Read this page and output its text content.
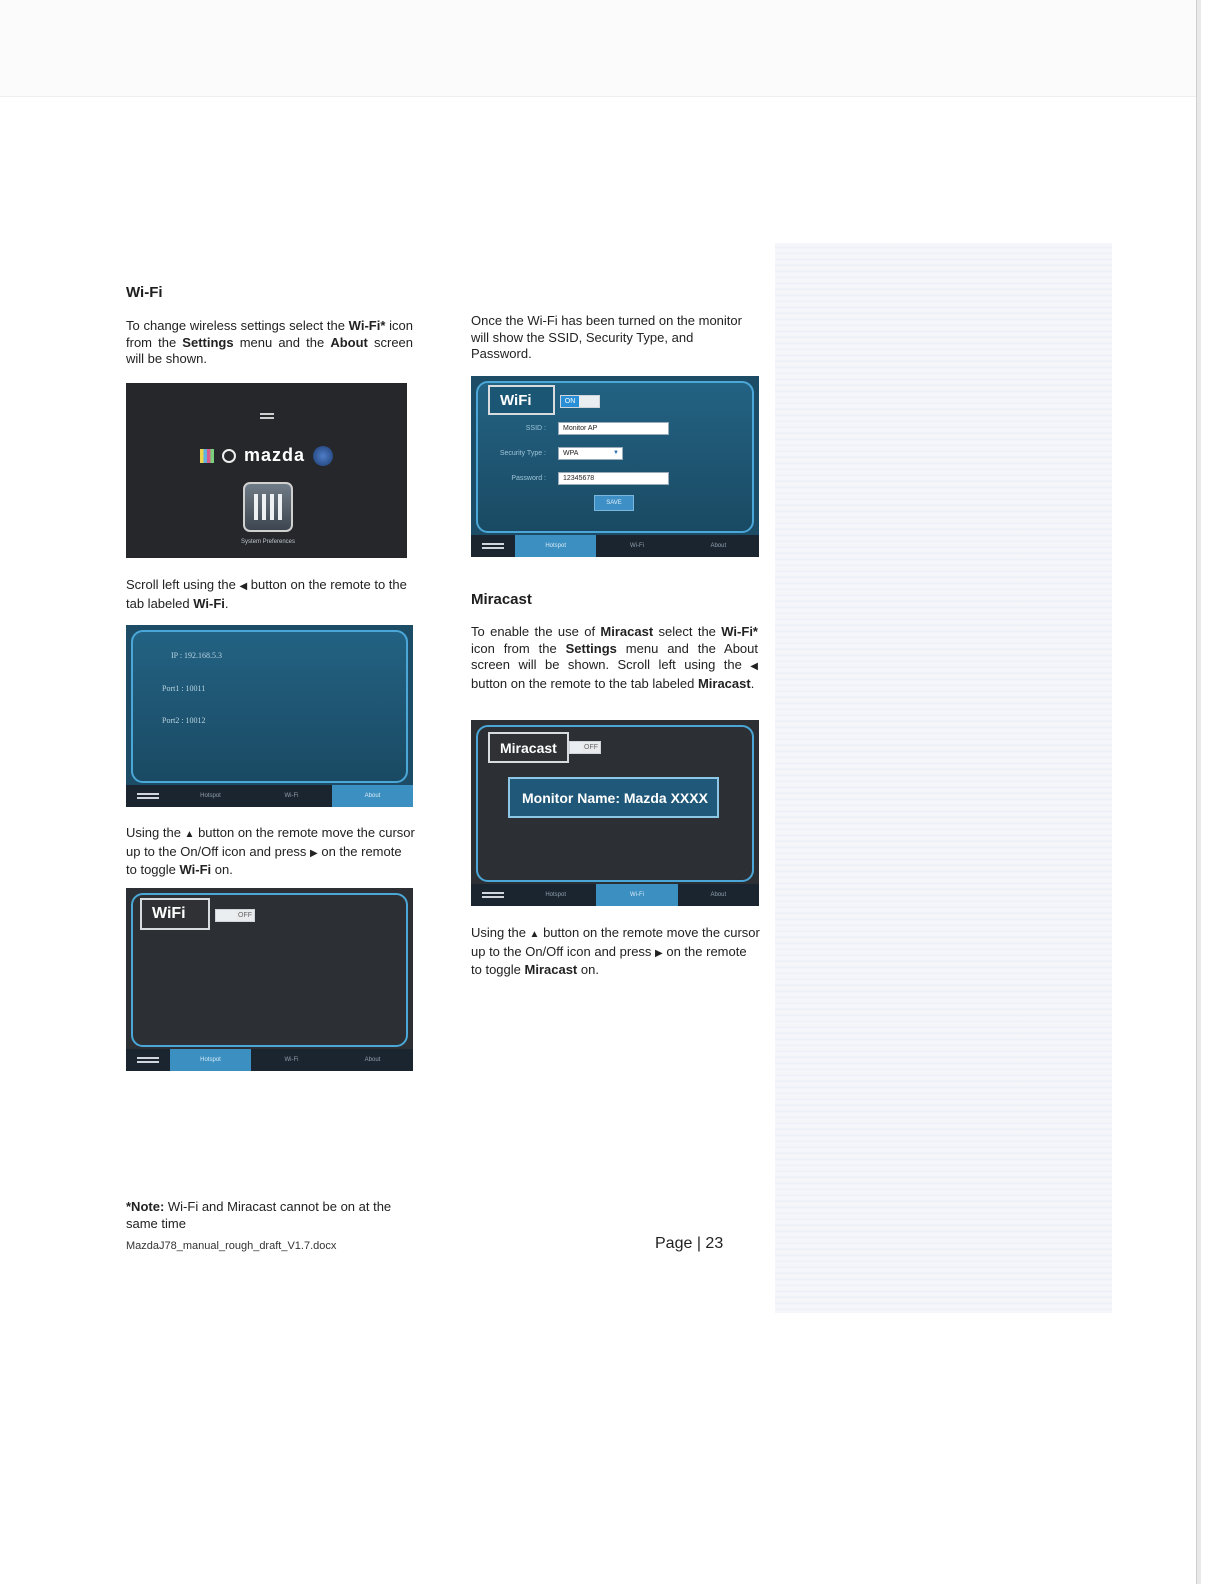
Wi-Fi

To change wireless settings select the Wi-Fi* icon from the Settings menu and the About screen will be shown.

mazda
System Preferences

Scroll left using the ◀ button on the remote to the tab labeled Wi-Fi.

IP : 192.168.5.3
Port1 : 10011
Port2 : 10012
Hotspot	Wi-Fi	About

Using the ▲ button on the remote move the cursor up to the On/Off icon and press ▶ on the remote to toggle Wi-Fi on.

WiFi	OFF
Hotspot	Wi-Fi	About

Once the Wi-Fi has been turned on the monitor will show the SSID, Security Type, and Password.

WiFi	ON
SSID :	Monitor AP
Security Type :	WPA	▼
Password :	12345678
SAVE
Hotspot	Wi-Fi	About
Miracast

To enable the use of Miracast select the Wi-Fi* icon from the Settings menu and the About screen will be shown. Scroll left using the ◀ button on the remote to the tab labeled Miracast.

Miracast	OFF
Monitor Name: Mazda XXXX
Hotspot	Wi-Fi	About

Using the ▲ button on the remote move the cursor up to the On/Off icon and press ▶ on the remote to toggle Miracast on.

*Note: Wi-Fi and Miracast cannot be on at the same time
MazdaJ78_manual_rough_draft_V1.7.docx	Page | 23
